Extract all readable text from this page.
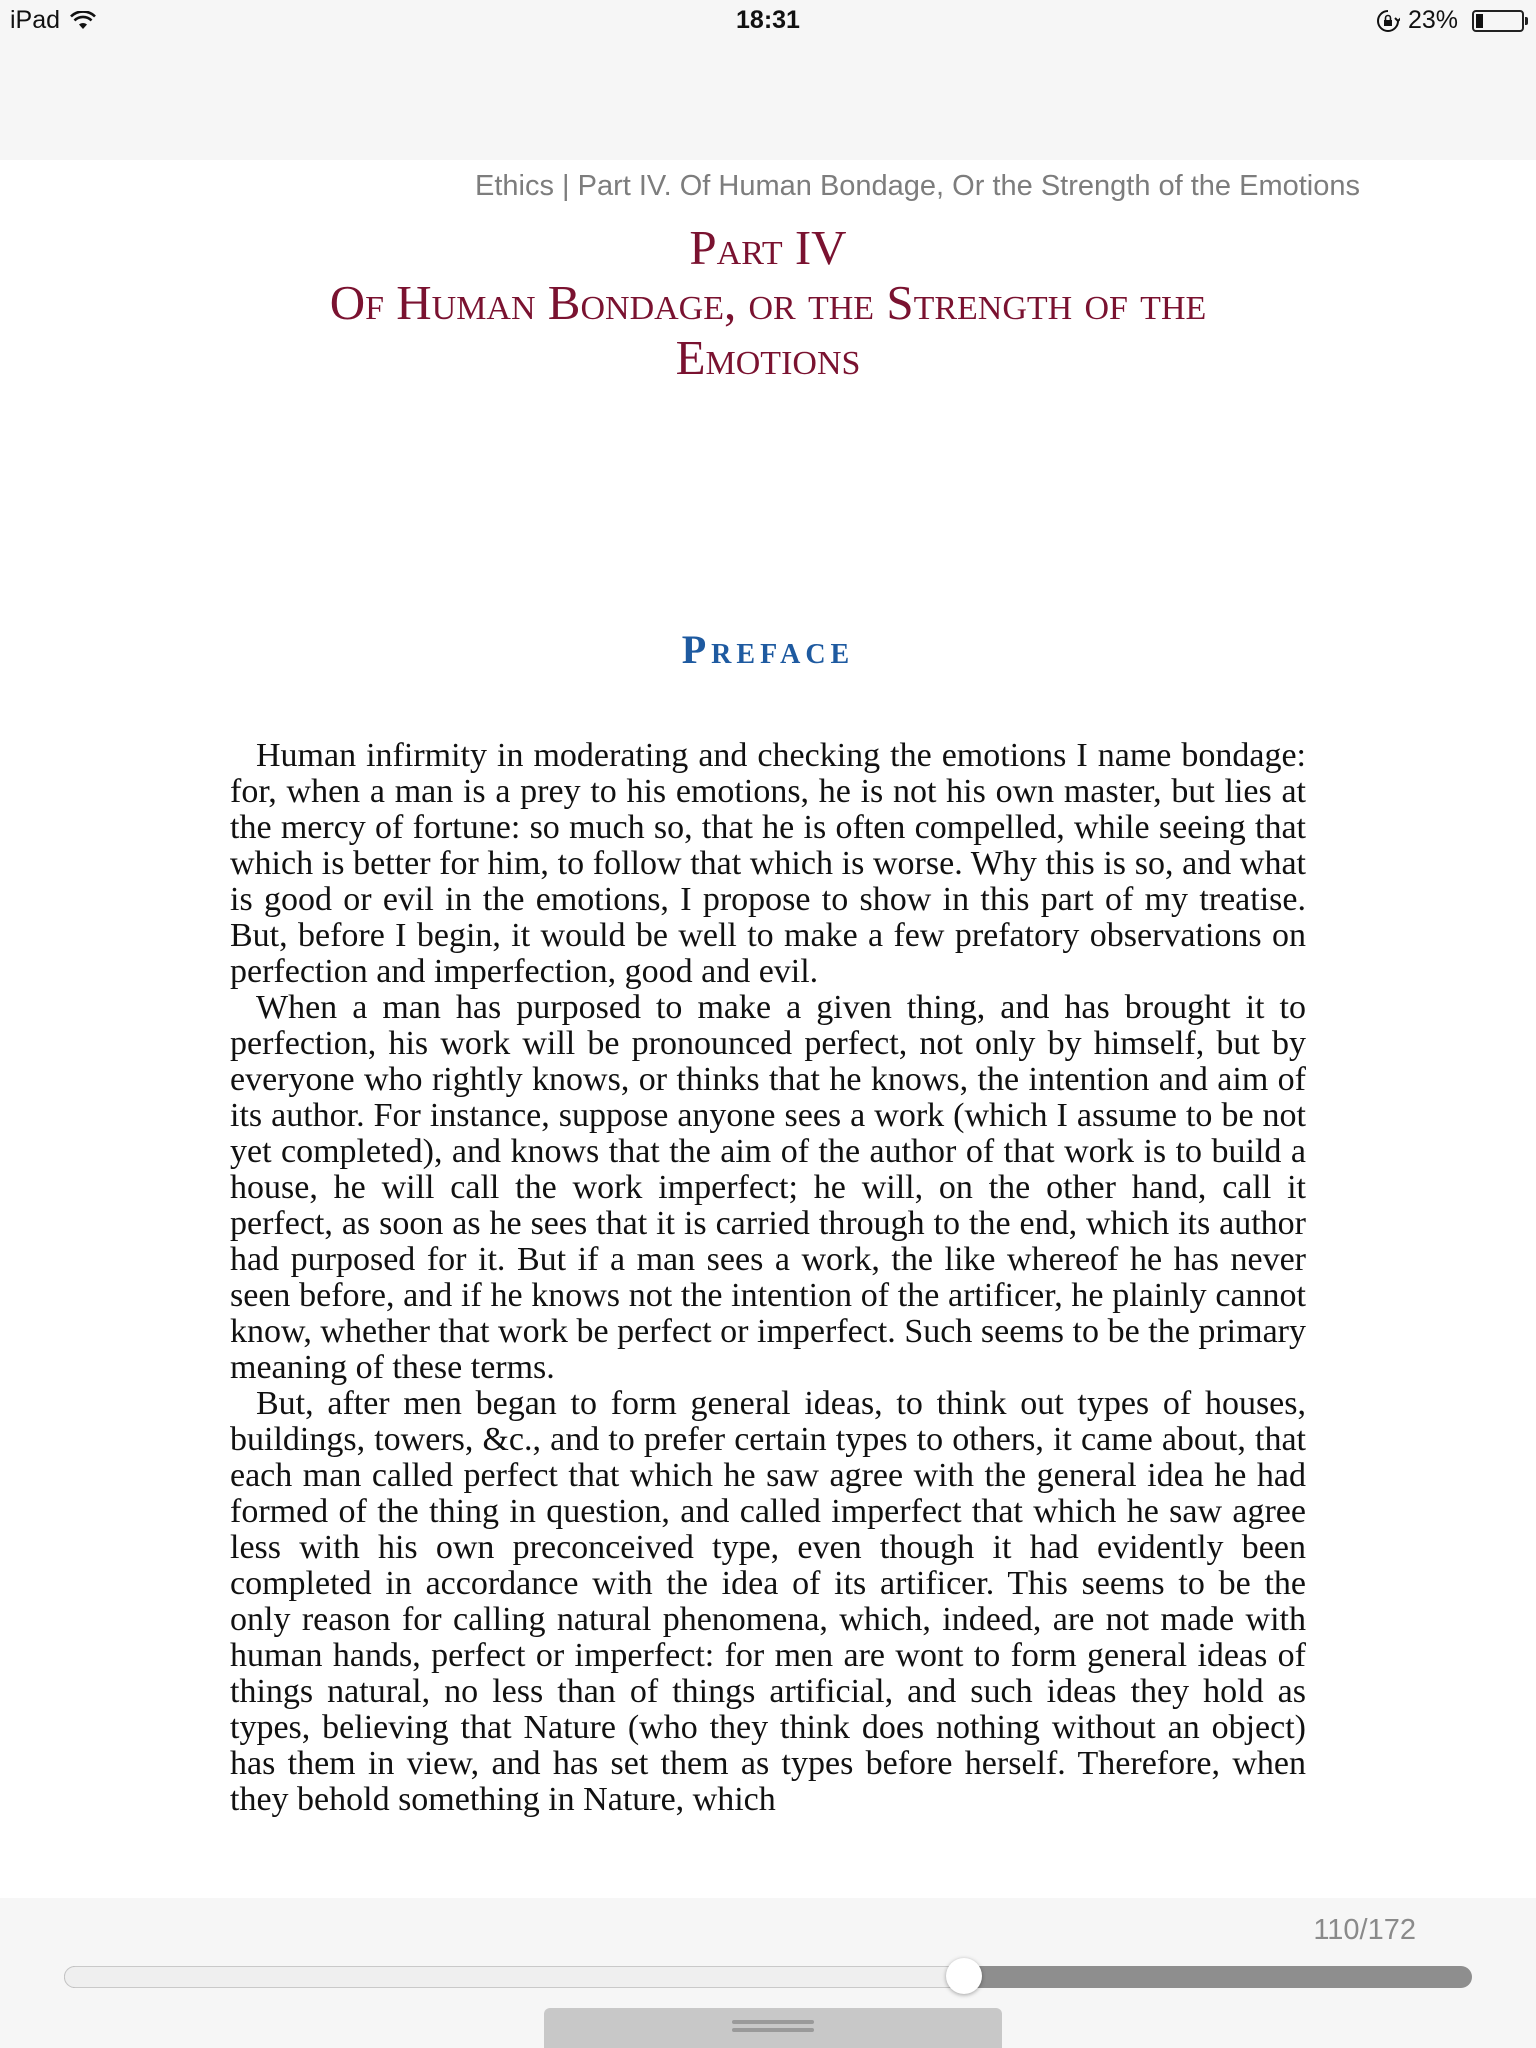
iPad	18:31	23%
Ethics | Part IV. Of Human Bondage, Or the Strength of the Emotions
Part IV
Of Human Bondage, or the Strength of the
Emotions
Preface

Human infirmity in moderating and checking the emotions I name bondage: for, when a man is a prey to his emotions, he is not his own master, but lies at the mercy of fortune: so much so, that he is often compelled, while seeing that which is better for him, to follow that which is worse. Why this is so, and what is good or evil in the emotions, I propose to show in this part of my treatise. But, before I begin, it would be well to make a few prefatory observations on perfection and imperfection, good and evil.

When a man has purposed to make a given thing, and has brought it to perfection, his work will be pronounced perfect, not only by himself, but by everyone who rightly knows, or thinks that he knows, the intention and aim of its author. For instance, suppose anyone sees a work (which I assume to be not yet completed), and knows that the aim of the author of that work is to build a house, he will call the work imperfect; he will, on the other hand, call it perfect, as soon as he sees that it is carried through to the end, which its author had purposed for it. But if a man sees a work, the like whereof he has never seen before, and if he knows not the intention of the artificer, he plainly cannot know, whether that work be perfect or imperfect. Such seems to be the primary meaning of these terms.

But, after men began to form general ideas, to think out types of houses, buildings, towers, &c., and to prefer certain types to others, it came about, that each man called perfect that which he saw agree with the general idea he had formed of the thing in question, and called imperfect that which he saw agree less with his own preconceived type, even though it had evidently been completed in accordance with the idea of its artificer. This seems to be the only reason for calling natural phenomena, which, indeed, are not made with human hands, perfect or imperfect: for men are wont to form general ideas of things natural, no less than of things artificial, and such ideas they hold as types, believing that Nature (who they think does nothing without an object) has them in view, and has set them as types before herself. Therefore, when they behold something in Nature, which

110/172
